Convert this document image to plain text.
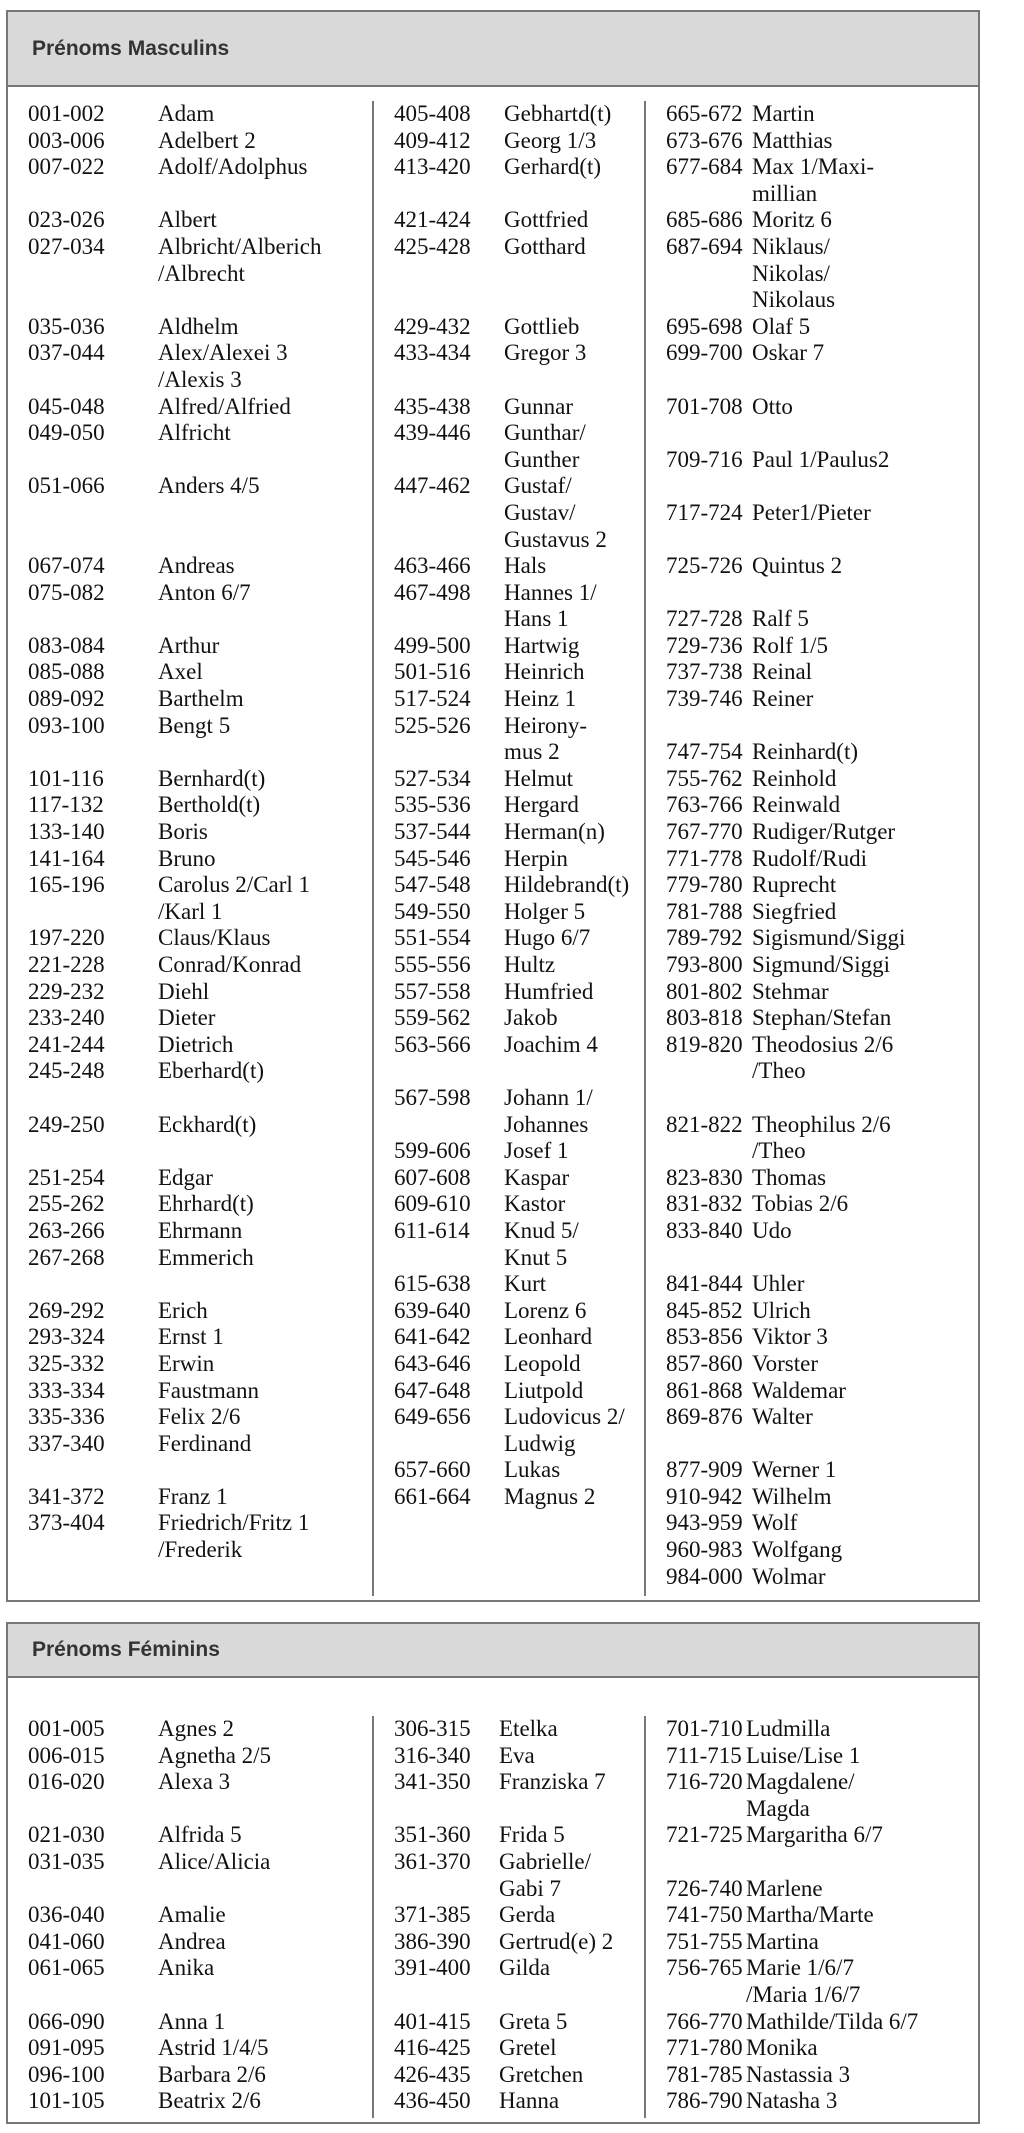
Prénoms Masculins
001-002 Adam
003-006 Adelbert 2
007-022 Adolf/Adolphus
023-026 Albert
027-034 Albricht/Alberich
/Albrecht
035-036 Aldhelm
037-044 Alex/Alexei 3
/Alexis 3
045-048 Alfred/Alfried
049-050 Alfricht
051-066 Anders 4/5
067-074 Andreas
075-082 Anton 6/7
083-084 Arthur
085-088 Axel
089-092 Barthelm
093-100 Bengt 5
101-116 Bernhard(t)
117-132 Berthold(t)
133-140 Boris
141-164 Bruno
165-196 Carolus 2/Carl 1
/Karl 1
197-220 Claus/Klaus
221-228 Conrad/Konrad
229-232 Diehl
233-240 Dieter
241-244 Dietrich
245-248 Eberhard(t)
249-250 Eckhard(t)
251-254 Edgar
255-262 Ehrhard(t)
263-266 Ehrmann
267-268 Emmerich
269-292 Erich
293-324 Ernst 1
325-332 Erwin
333-334 Faustmann
335-336 Felix 2/6
337-340 Ferdinand
341-372 Franz 1
373-404 Friedrich/Fritz 1
/Frederik
405-408 Gebhartd(t)
409-412 Georg 1/3
413-420 Gerhard(t)
421-424 Gottfried
425-428 Gotthard
429-432 Gottlieb
433-434 Gregor 3
435-438 Gunnar
439-446 Gunthar/
Gunther
447-462 Gustaf/
Gustav/
Gustavus 2
463-466 Hals
467-498 Hannes 1/
Hans 1
499-500 Hartwig
501-516 Heinrich
517-524 Heinz 1
525-526 Heirony-
mus 2
527-534 Helmut
535-536 Hergard
537-544 Herman(n)
545-546 Herpin
547-548 Hildebrand(t)
549-550 Holger 5
551-554 Hugo 6/7
555-556 Hultz
557-558 Humfried
559-562 Jakob
563-566 Joachim 4
567-598 Johann 1/
Johannes
599-606 Josef 1
607-608 Kaspar
609-610 Kastor
611-614 Knud 5/
Knut 5
615-638 Kurt
639-640 Lorenz 6
641-642 Leonhard
643-646 Leopold
647-648 Liutpold
649-656 Ludovicus 2/
Ludwig
657-660 Lukas
661-664 Magnus 2
665-672 Martin
673-676 Matthias
677-684 Max 1/Maxi-
millian
685-686 Moritz 6
687-694 Niklaus/
Nikolas/
Nikolaus
695-698 Olaf 5
699-700 Oskar 7
701-708 Otto
709-716 Paul 1/Paulus2
717-724 Peter1/Pieter
725-726 Quintus 2
727-728 Ralf 5
729-736 Rolf 1/5
737-738 Reinal
739-746 Reiner
747-754 Reinhard(t)
755-762 Reinhold
763-766 Reinwald
767-770 Rudiger/Rutger
771-778 Rudolf/Rudi
779-780 Ruprecht
781-788 Siegfried
789-792 Sigismund/Siggi
793-800 Sigmund/Siggi
801-802 Stehmar
803-818 Stephan/Stefan
819-820 Theodosius 2/6
/Theo
821-822 Theophilus 2/6
/Theo
823-830 Thomas
831-832 Tobias 2/6
833-840 Udo
841-844 Uhler
845-852 Ulrich
853-856 Viktor 3
857-860 Vorster
861-868 Waldemar
869-876 Walter
877-909 Werner 1
910-942 Wilhelm
943-959 Wolf
960-983 Wolfgang
984-000 Wolmar
Prénoms Féminins
001-005 Agnes 2
006-015 Agnetha 2/5
016-020 Alexa 3
021-030 Alfrida 5
031-035 Alice/Alicia
036-040 Amalie
041-060 Andrea
061-065 Anika
066-090 Anna 1
091-095 Astrid 1/4/5
096-100 Barbara 2/6
101-105 Beatrix 2/6
306-315 Etelka
316-340 Eva
341-350 Franziska 7
351-360 Frida 5
361-370 Gabrielle/
Gabi 7
371-385 Gerda
386-390 Gertrud(e) 2
391-400 Gilda
401-415 Greta 5
416-425 Gretel
426-435 Gretchen
436-450 Hanna
701-710 Ludmilla
711-715 Luise/Lise 1
716-720 Magdalene/
Magda
721-725 Margaritha 6/7
726-740 Marlene
741-750 Martha/Marte
751-755 Martina
756-765 Marie 1/6/7
/Maria 1/6/7
766-770 Mathilde/Tilda 6/7
771-780 Monika
781-785 Nastassia 3
786-790 Natasha 3
